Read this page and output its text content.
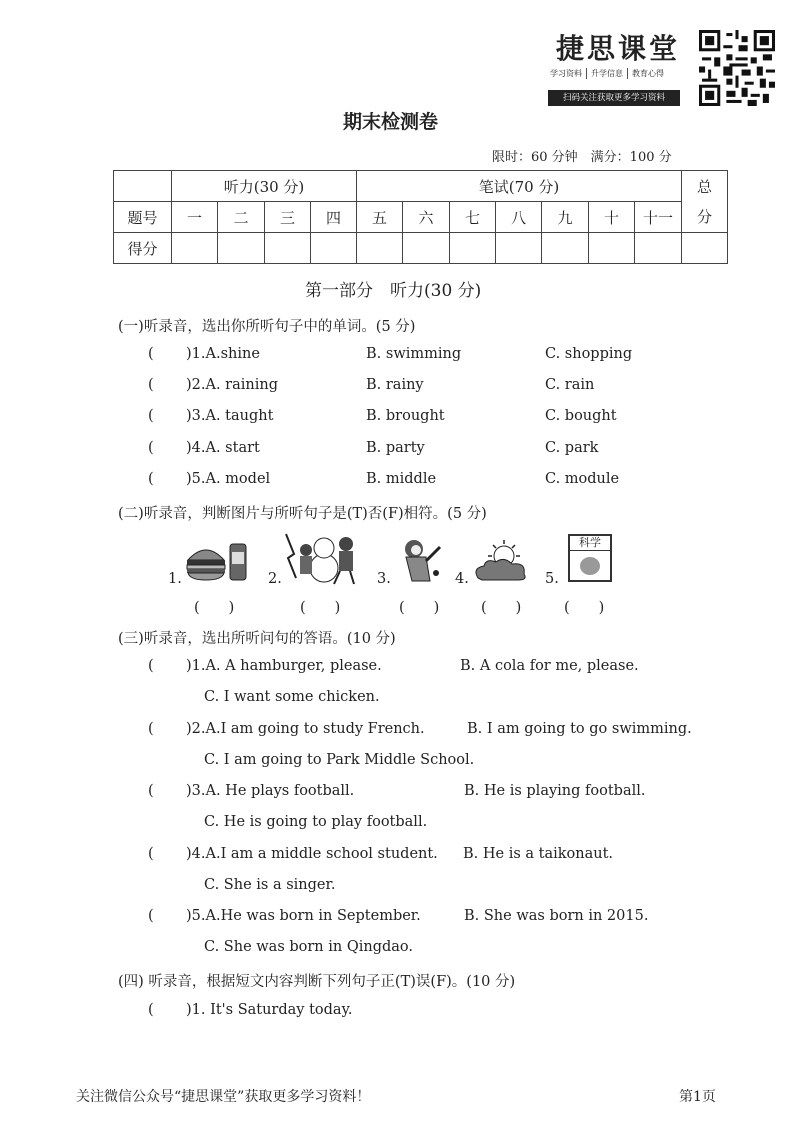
捷思课堂
学习资料	升学信息	教育心得
扫码关注获取更多学习资料
期末检测卷
限时：60 分钟　满分：100 分
	听力(30 分)				笔试(70 分)							总
题号	一	二	三	四	五	六	七	八	九	十	十一	分
得分												
第一部分　听力(30 分)
(一)听录音，选出你所听句子中的单词。(5 分)
( )1.A.shine	B. swimming	C. shopping
( )2.A. raining	B. rainy	C. rain
( )3.A. taught	B. brought	C. bought
( )4.A. start	B. party	C. park
( )5.A. model	B. middle	C. module
(二)听录音，判断图片与所听句子是(T)否(F)相符。(5 分)
1.	2.	3.	4.	5.
科学
(　　)	(　　)	(　　)	(　　)	(　　)
(三)听录音，选出所听问句的答语。(10 分)
( )1.A. A hamburger, please.	B. A cola for me, please.
C. I want some chicken.
( )2.A.I am going to study French.	B. I am going to go swimming.
C. I am going to Park Middle School.
( )3.A. He plays football.	B. He is playing football.
C. He is going to play football.
( )4.A.I am a middle school student. B. He is a taikonaut.
C. She is a singer.
( )5.A.He was born in September.	B. She was born in 2015.
C. She was born in Qingdao.
(四) 听录音，根据短文内容判断下列句子正(T)误(F)。(10 分)
( )1. It's Saturday today.
关注微信公众号“捷思课堂”获取更多学习资料！	第1页
